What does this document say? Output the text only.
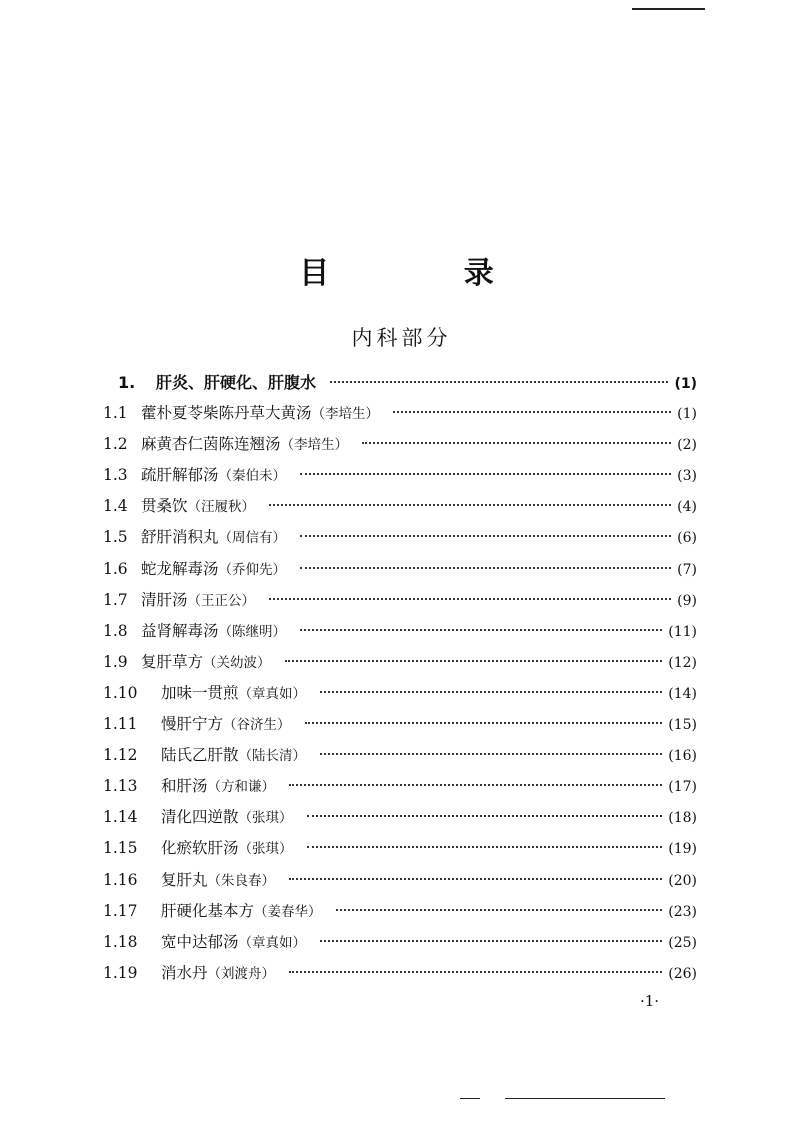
目 录
内科部分
1.	肝炎、肝硬化、肝腹水	(1)
1.1 藿朴夏苓柴陈丹草大黄汤 （李培生）	(1)
1.2 麻黄杏仁茵陈连翘汤 （李培生）	(2)
1.3 疏肝解郁汤 （秦伯未）	(3)
1.4 贯桑饮 （汪履秋）	(4)
1.5 舒肝消积丸 （周信有）	(6)
1.6 蛇龙解毒汤 （乔仰先）	(7)
1.7 清肝汤 （王正公）	(9)
1.8 益肾解毒汤 （陈继明）	(11)
1.9 复肝草方 （关幼波）	(12)
1.10	加味一贯煎 （章真如）	(14)
1.11	慢肝宁方 （谷济生）	(15)
1.12	陆氏乙肝散 （陆长清）	(16)
1.13	和肝汤 （方和谦）	(17)
1.14	清化四逆散 （张琪）	(18)
1.15	化瘀软肝汤 （张琪）	(19)
1.16	复肝丸 （朱良春）	(20)
1.17	肝硬化基本方 （姜春华）	(23)
1.18	宽中达郁汤 （章真如）	(25)
1.19	消水丹 （刘渡舟）	(26)
·1·
